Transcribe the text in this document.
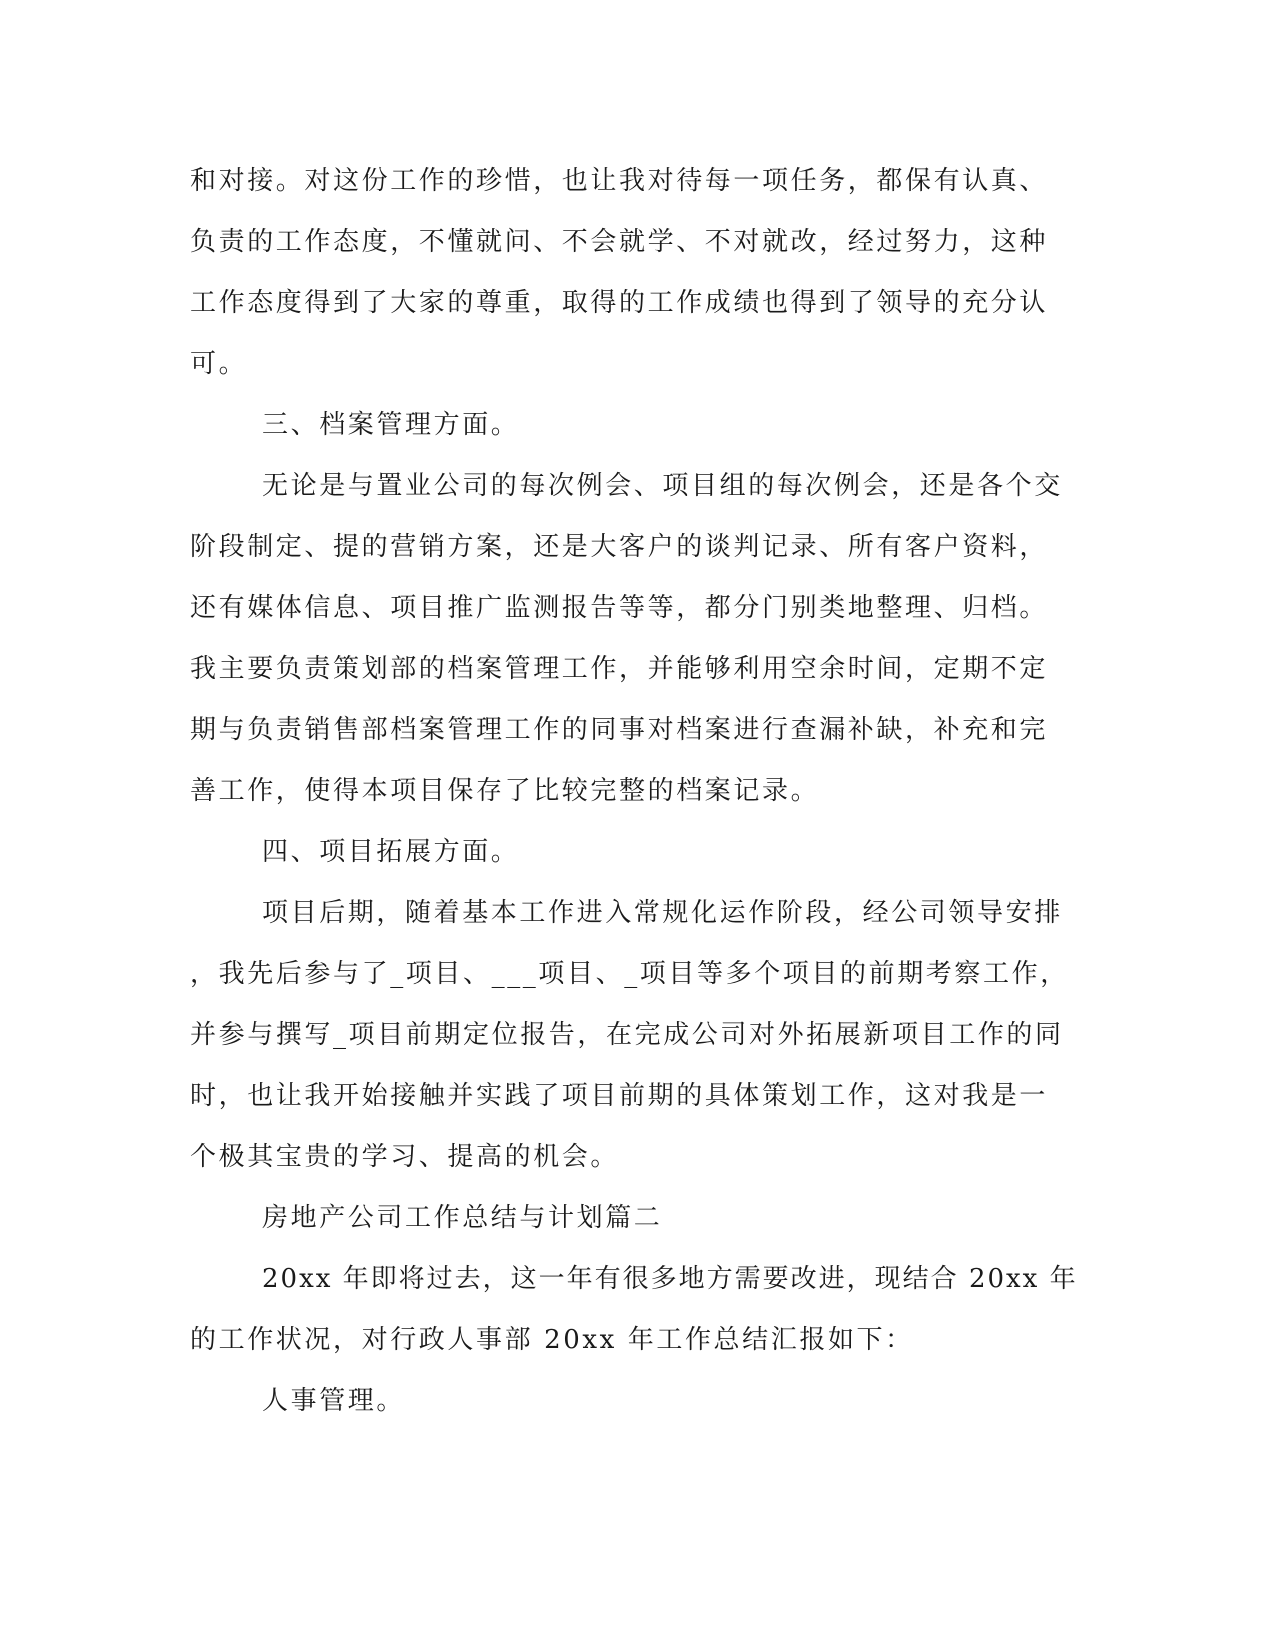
和对接。对这份工作的珍惜，也让我对待每一项任务，都保有认真、
负责的工作态度，不懂就问、不会就学、不对就改，经过努力，这种
工作态度得到了大家的尊重，取得的工作成绩也得到了领导的充分认
可。
三、档案管理方面。
无论是与置业公司的每次例会、项目组的每次例会，还是各个交
阶段制定、提的营销方案，还是大客户的谈判记录、所有客户资料，
还有媒体信息、项目推广监测报告等等，都分门别类地整理、归档。
我主要负责策划部的档案管理工作，并能够利用空余时间，定期不定
期与负责销售部档案管理工作的同事对档案进行查漏补缺，补充和完
善工作，使得本项目保存了比较完整的档案记录。
四、项目拓展方面。
项目后期，随着基本工作进入常规化运作阶段，经公司领导安排
，我先后参与了_项目、___项目、_项目等多个项目的前期考察工作，
并参与撰写_项目前期定位报告，在完成公司对外拓展新项目工作的同
时，也让我开始接触并实践了项目前期的具体策划工作，这对我是一
个极其宝贵的学习、提高的机会。
房地产公司工作总结与计划篇二
20xx 年即将过去，这一年有很多地方需要改进，现结合 20xx 年
的工作状况，对行政人事部 20xx 年工作总结汇报如下：
人事管理。
